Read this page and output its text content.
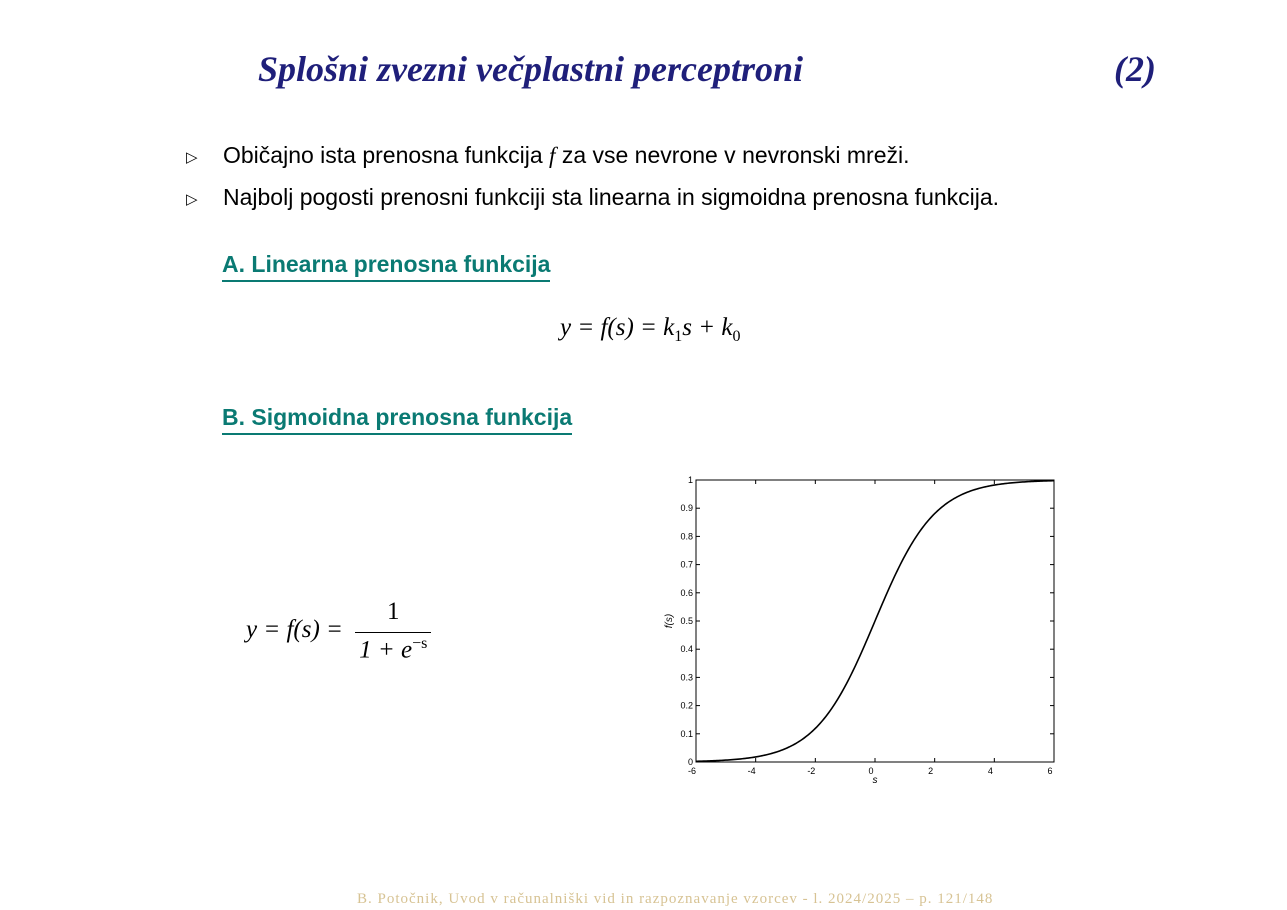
Splošni zvezni večplastni perceptroni	(2)
▷ Običajno ista prenosna funkcija f za vse nevrone v nevronski mreži.
▷ Najbolj pogosti prenosni funkciji sta linearna in sigmoidna prenosna funkcija.
A. Linearna prenosna funkcija
$y = f(s) = k_1s + k_0$
B. Sigmoidna prenosna funkcija
$y = f(s) = \frac{1}{1 + e^{-s}}$
-6	-4	-2	0	2	4	6
0
0.1
0.2
0.3
0.4
0.5
0.6
0.7
0.8
0.9
1
s
f(s)
B. Potočnik, Uvod v računalniški vid in razpoznavanje vzorcev - l. 2024/2025 – p. 121/148
